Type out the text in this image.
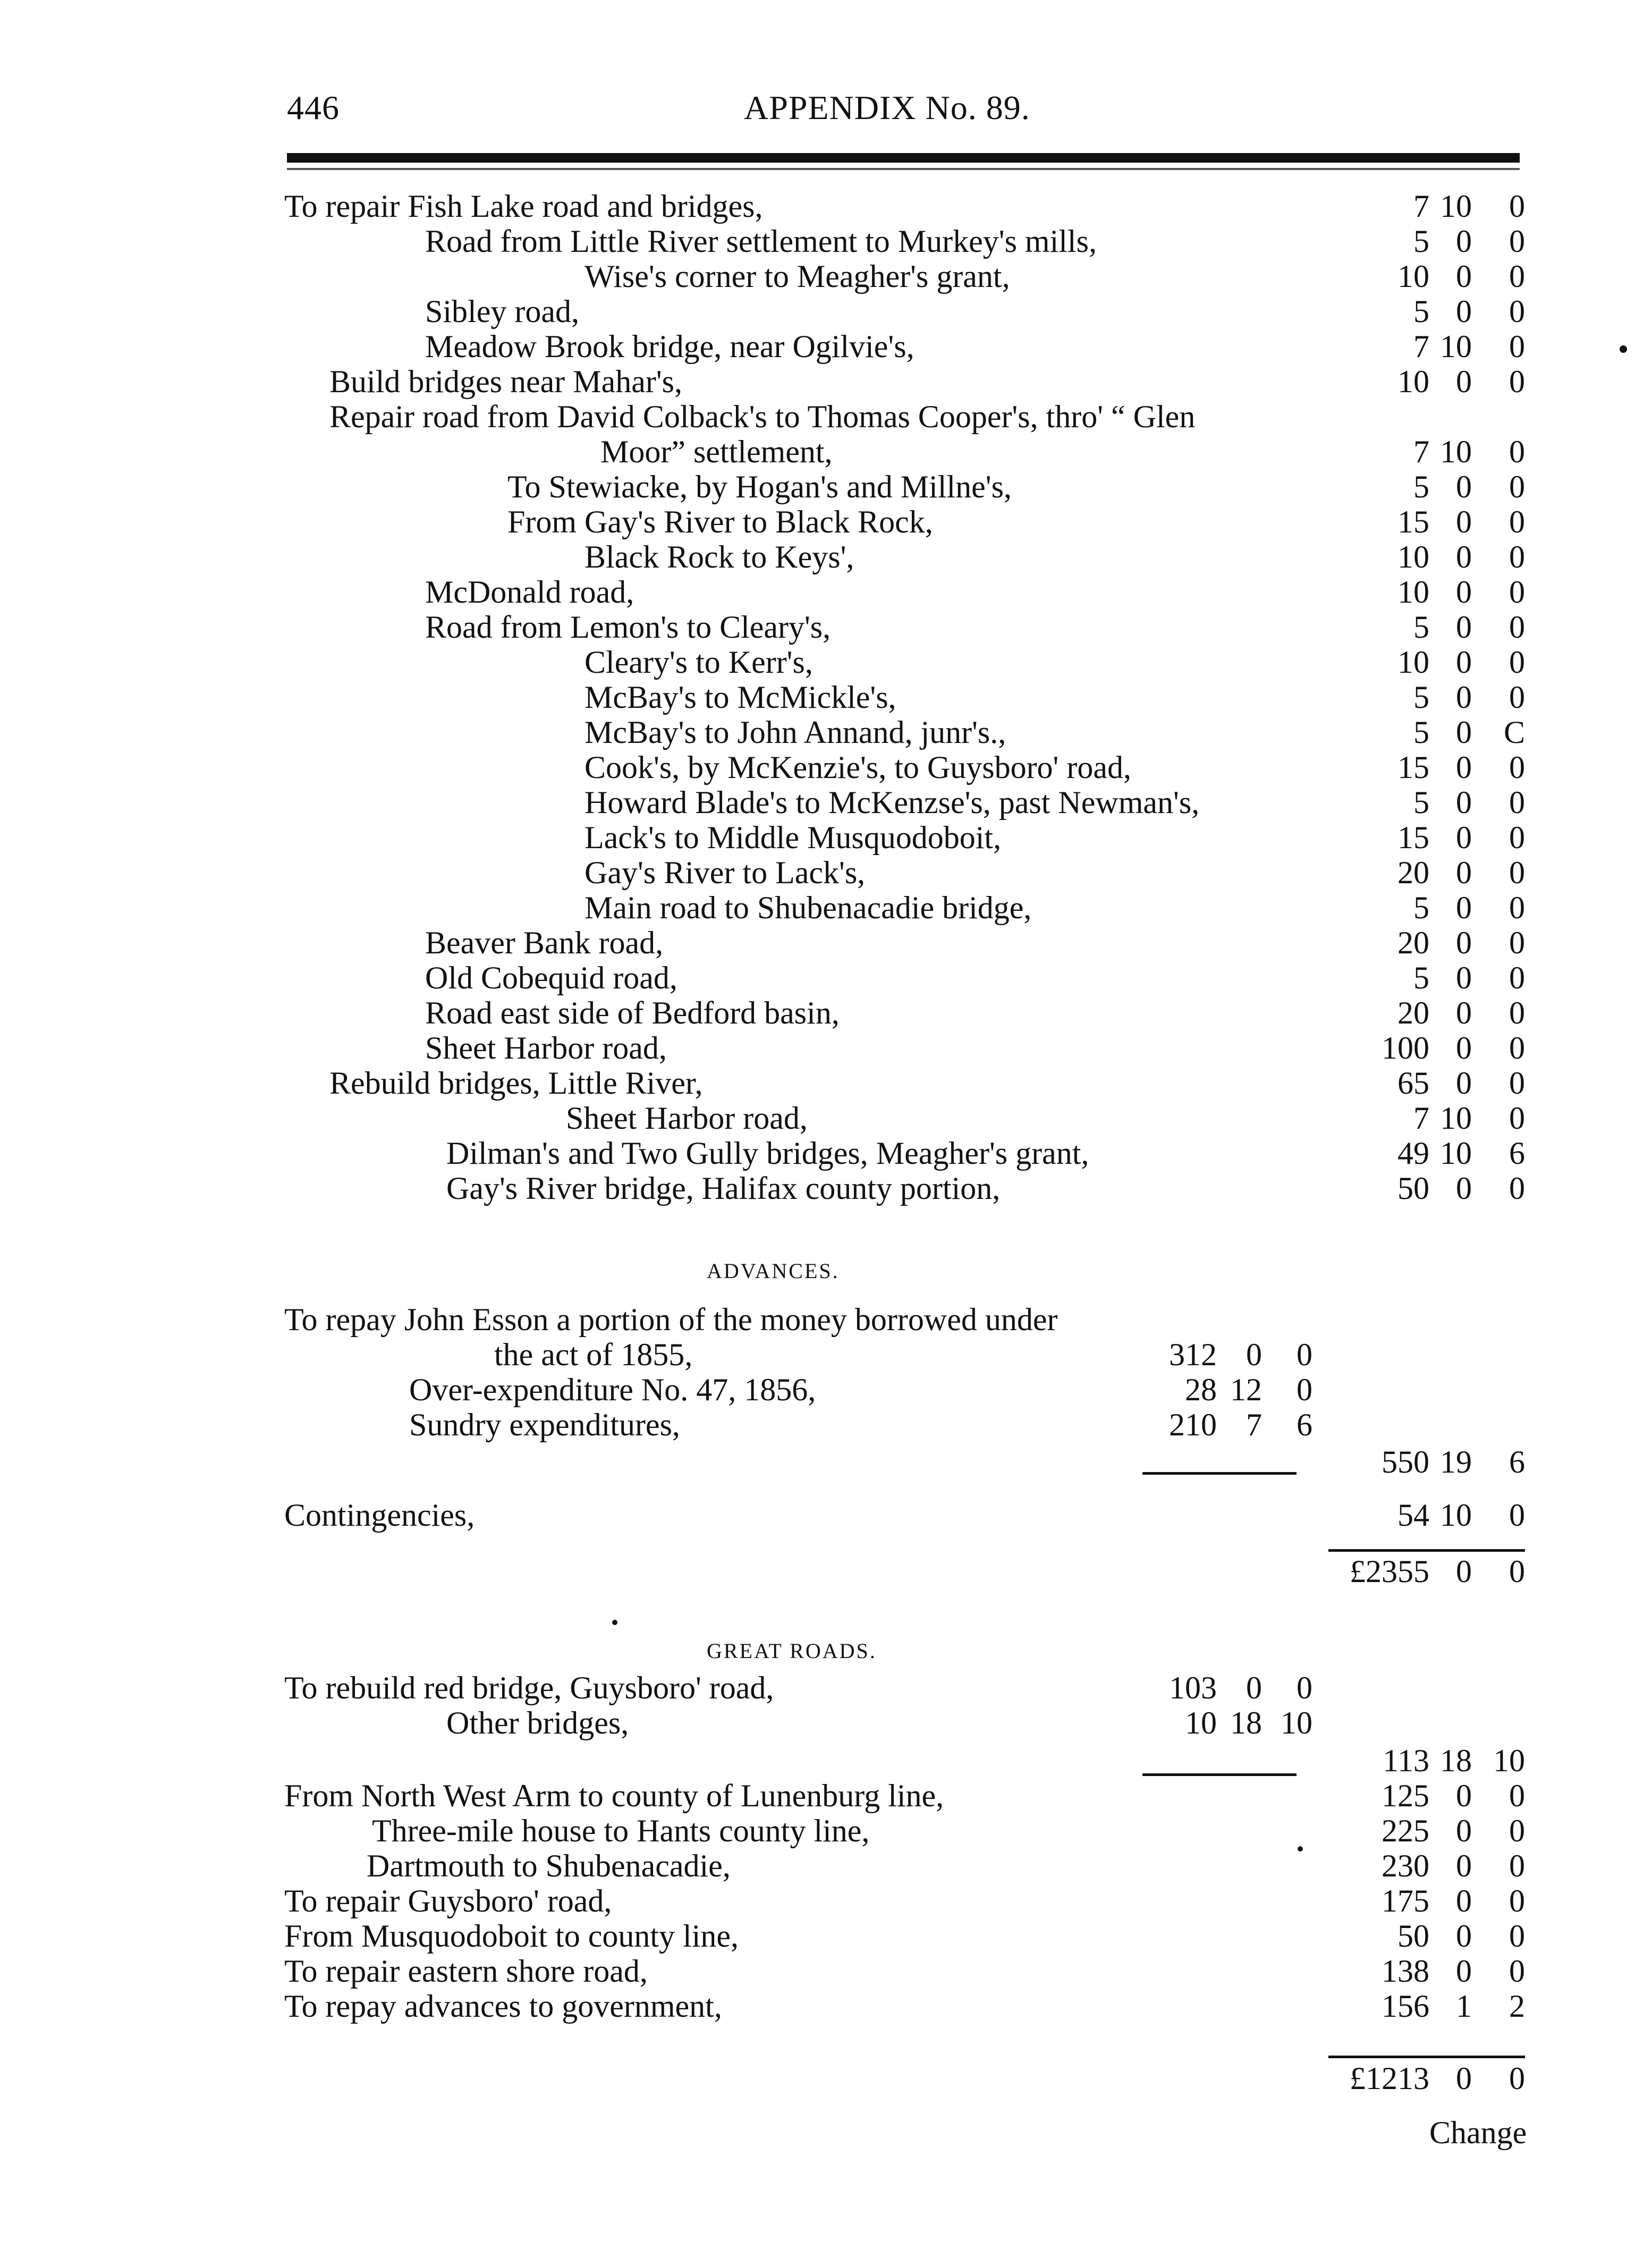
446	APPENDIX No. 89.
To repair Fish Lake road and bridges,	7 10 0
Road from Little River settlement to Murkey's mills,	5 0 0
Wise's corner to Meagher's grant,	10 0 0
Sibley road,	5 0 0
Meadow Brook bridge, near Ogilvie's,	7 10 0
Build bridges near Mahar's,	10 0 0
Repair road from David Colback's to Thomas Cooper's, thro' “ Glen
Moor” settlement,	7 10 0
To Stewiacke, by Hogan's and Millne's,	5 0 0
From Gay's River to Black Rock,	15 0 0
Black Rock to Keys',	10 0 0
McDonald road,	10 0 0
Road from Lemon's to Cleary's,	5 0 0
Cleary's to Kerr's,	10 0 0
McBay's to McMickle's,	5 0 0
McBay's to John Annand, junr's.,	5 0 C
Cook's, by McKenzie's, to Guysboro' road,	15 0 0
Howard Blade's to McKenzse's, past Newman's,	5 0 0
Lack's to Middle Musquodoboit,	15 0 0
Gay's River to Lack's,	20 0 0
Main road to Shubenacadie bridge,	5 0 0
Beaver Bank road,	20 0 0
Old Cobequid road,	5 0 0
Road east side of Bedford basin,	20 0 0
Sheet Harbor road,	100 0 0
Rebuild bridges, Little River,	65 0 0
Sheet Harbor road,	7 10 0
Dilman's and Two Gully bridges, Meagher's grant,	49 10 6
Gay's River bridge, Halifax county portion,	50 0 0
ADVANCES.
To repay John Esson a portion of the money borrowed under
the act of 1855,	312 0 0
Over-expenditure No. 47, 1856,	28 12 0
Sundry expenditures,	210 7 6
550 19 6
Contingencies,	54 10 0
£2355 0 0
GREAT ROADS.
To rebuild red bridge, Guysboro' road,	103 0 0
Other bridges,	10 18 10
113 18 10
From North West Arm to county of Lunenburg line,	125 0 0
Three-mile house to Hants county line,	225 0 0
Dartmouth to Shubenacadie,	230 0 0
To repair Guysboro' road,	175 0 0
From Musquodoboit to county line,	50 0 0
To repair eastern shore road,	138 0 0
To repay advances to government,	156 1 2
£1213 0 0
Change
